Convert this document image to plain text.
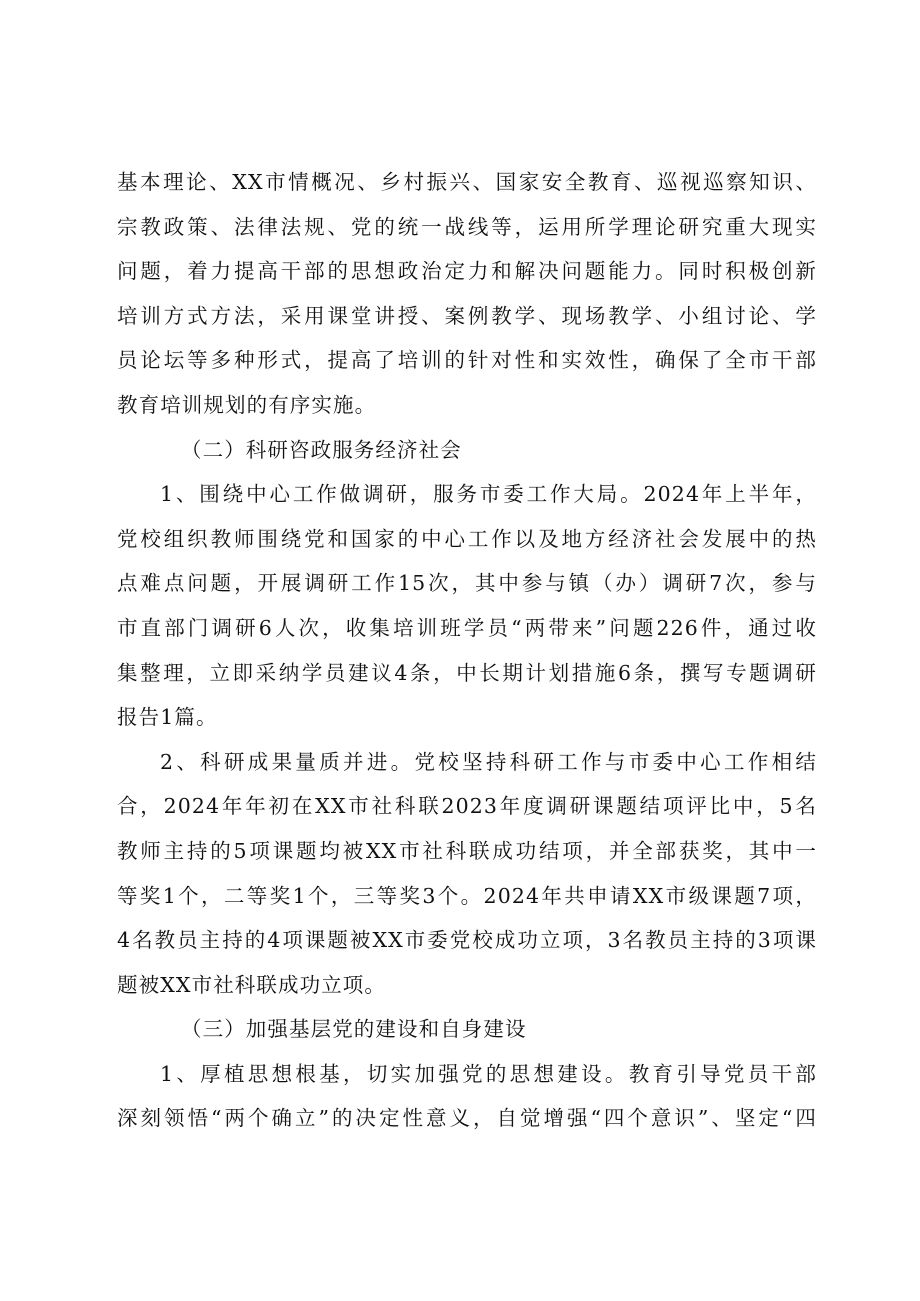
基本理论、XX市情概况、乡村振兴、国家安全教育、巡视巡察知识、
宗教政策、法律法规、党的统一战线等，运用所学理论研究重大现实
问题，着力提高干部的思想政治定力和解决问题能力。同时积极创新
培训方式方法，采用课堂讲授、案例教学、现场教学、小组讨论、学
员论坛等多种形式，提高了培训的针对性和实效性，确保了全市干部
教育培训规划的有序实施。
（二）科研咨政服务经济社会
1、围绕中心工作做调研，服务市委工作大局。2024年上半年，
党校组织教师围绕党和国家的中心工作以及地方经济社会发展中的热
点难点问题，开展调研工作15次，其中参与镇（办）调研7次，参与
市直部门调研6人次，收集培训班学员“两带来”问题226件，通过收
集整理，立即采纳学员建议4条，中长期计划措施6条，撰写专题调研
报告1篇。
2、科研成果量质并进。党校坚持科研工作与市委中心工作相结
合，2024年年初在XX市社科联2023年度调研课题结项评比中，5名
教师主持的5项课题均被XX市社科联成功结项，并全部获奖，其中一
等奖1个，二等奖1个，三等奖3个。2024年共申请XX市级课题7项，
4名教员主持的4项课题被XX市委党校成功立项，3名教员主持的3项课
题被XX市社科联成功立项。
（三）加强基层党的建设和自身建设
1、厚植思想根基，切实加强党的思想建设。教育引导党员干部
深刻领悟“两个确立”的决定性意义，自觉增强“四个意识”、坚定“四
